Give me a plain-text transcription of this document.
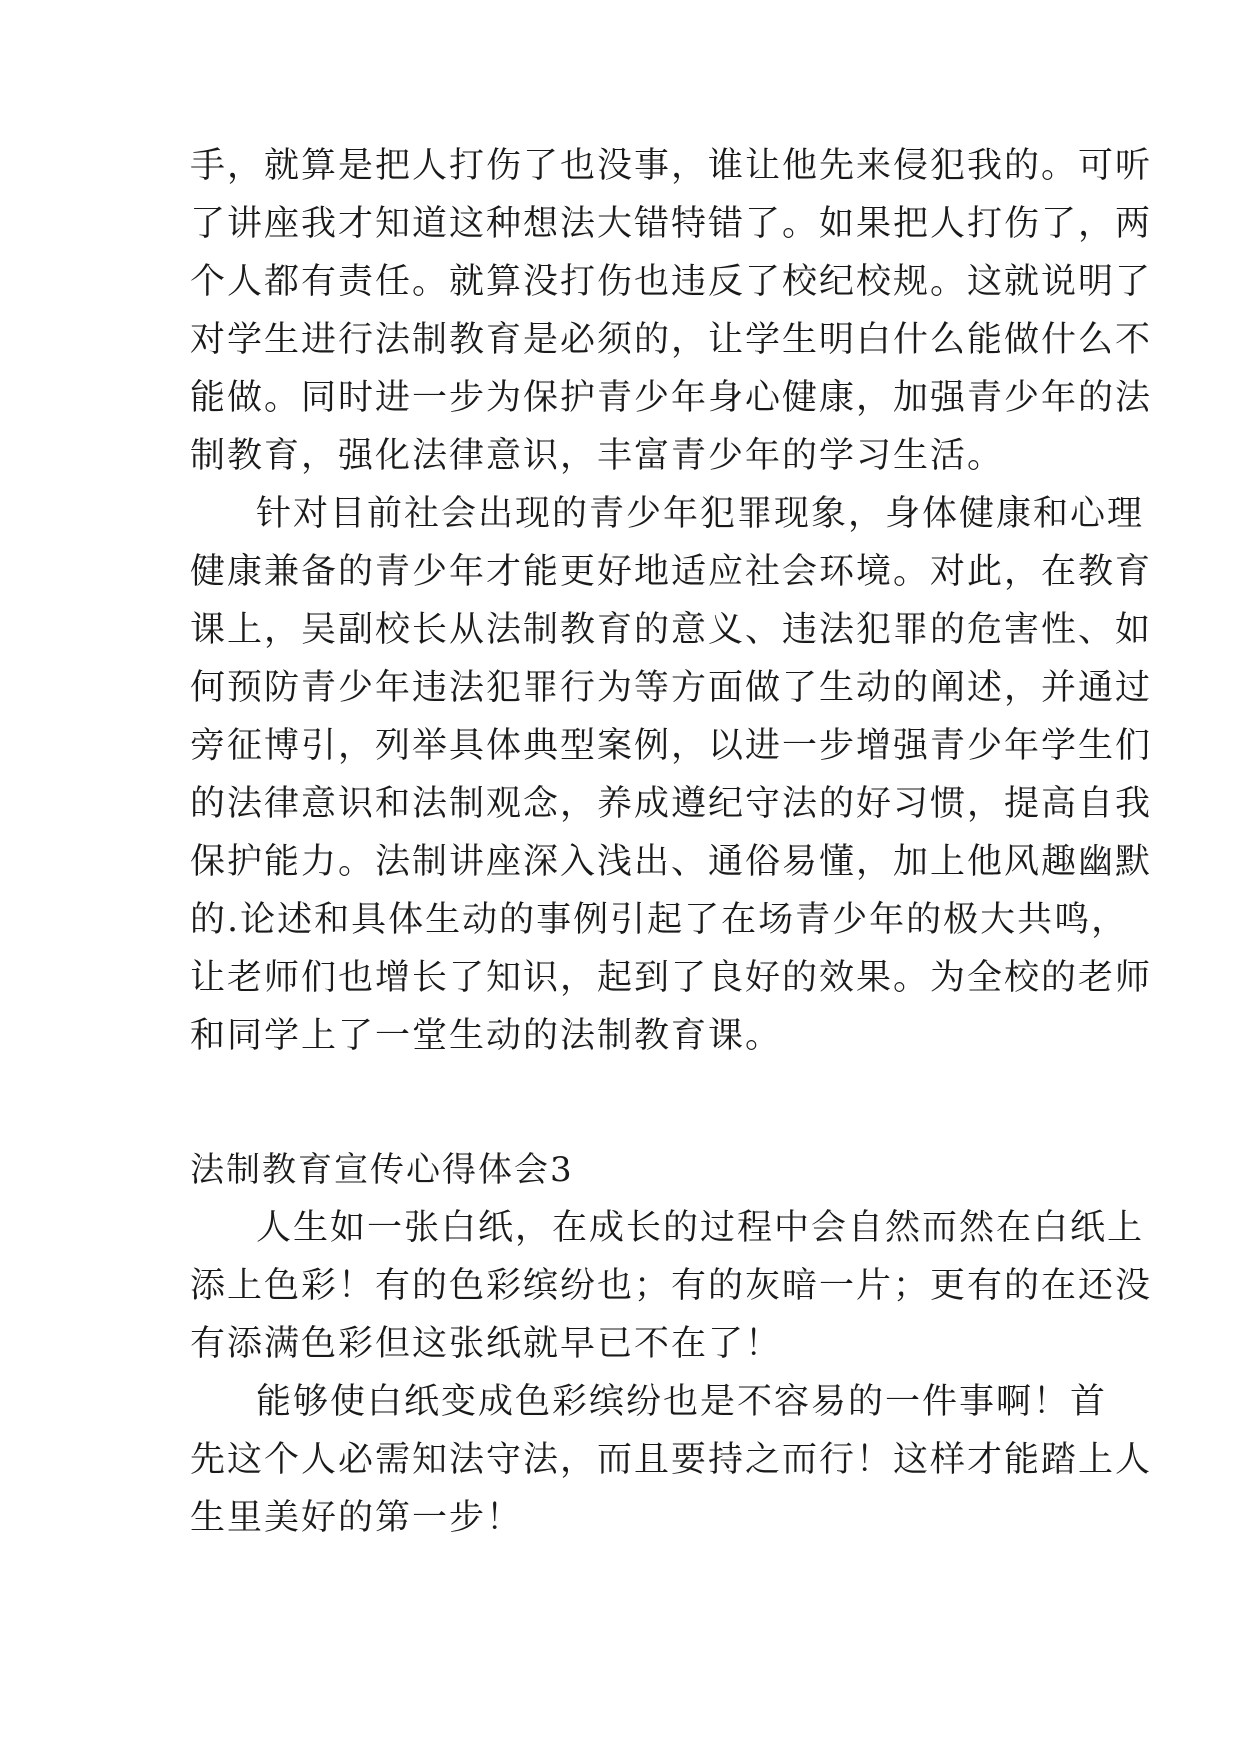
手，就算是把人打伤了也没事，谁让他先来侵犯我的。可听
了讲座我才知道这种想法大错特错了。如果把人打伤了，两
个人都有责任。就算没打伤也违反了校纪校规。这就说明了
对学生进行法制教育是必须的，让学生明白什么能做什么不
能做。同时进一步为保护青少年身心健康，加强青少年的法
制教育，强化法律意识，丰富青少年的学习生活。
针对目前社会出现的青少年犯罪现象，身体健康和心理
健康兼备的青少年才能更好地适应社会环境。对此，在教育
课上，吴副校长从法制教育的意义、违法犯罪的危害性、如
何预防青少年违法犯罪行为等方面做了生动的阐述，并通过
旁征博引，列举具体典型案例，以进一步增强青少年学生们
的法律意识和法制观念，养成遵纪守法的好习惯，提高自我
保护能力。法制讲座深入浅出、通俗易懂，加上他风趣幽默
的.论述和具体生动的事例引起了在场青少年的极大共鸣，
让老师们也增长了知识，起到了良好的效果。为全校的老师
和同学上了一堂生动的法制教育课。
法制教育宣传心得体会3
人生如一张白纸，在成长的过程中会自然而然在白纸上
添上色彩！有的色彩缤纷也；有的灰暗一片；更有的在还没
有添满色彩但这张纸就早已不在了！
能够使白纸变成色彩缤纷也是不容易的一件事啊！首
先这个人必需知法守法，而且要持之而行！这样才能踏上人
生里美好的第一步！
